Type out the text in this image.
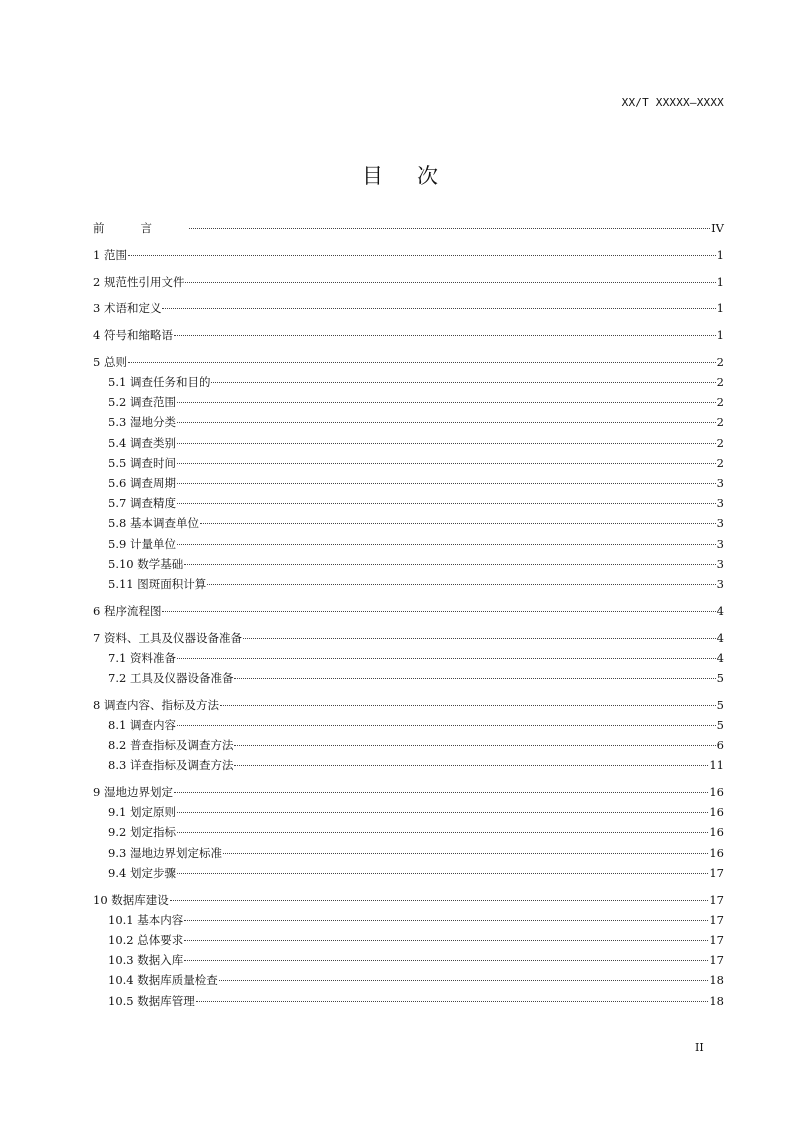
XX/T XXXXX—XXXX
目次
前言	IV
1 范围	1
2 规范性引用文件	1
3 术语和定义	1
4 符号和缩略语	1
5 总则	2
5.1 调查任务和目的	2
5.2 调查范围	2
5.3 湿地分类	2
5.4 调查类别	2
5.5 调查时间	2
5.6 调查周期	3
5.7 调查精度	3
5.8 基本调查单位	3
5.9 计量单位	3
5.10 数学基础	3
5.11 图斑面积计算	3
6 程序流程图	4
7 资料、工具及仪器设备准备	4
7.1 资料准备	4
7.2 工具及仪器设备准备	5
8 调查内容、指标及方法	5
8.1 调查内容	5
8.2 普查指标及调查方法	6
8.3 详查指标及调查方法	11
9 湿地边界划定	16
9.1 划定原则	16
9.2 划定指标	16
9.3 湿地边界划定标准	16
9.4 划定步骤	17
10 数据库建设	17
10.1 基本内容	17
10.2 总体要求	17
10.3 数据入库	17
10.4 数据库质量检查	18
10.5 数据库管理	18
II
